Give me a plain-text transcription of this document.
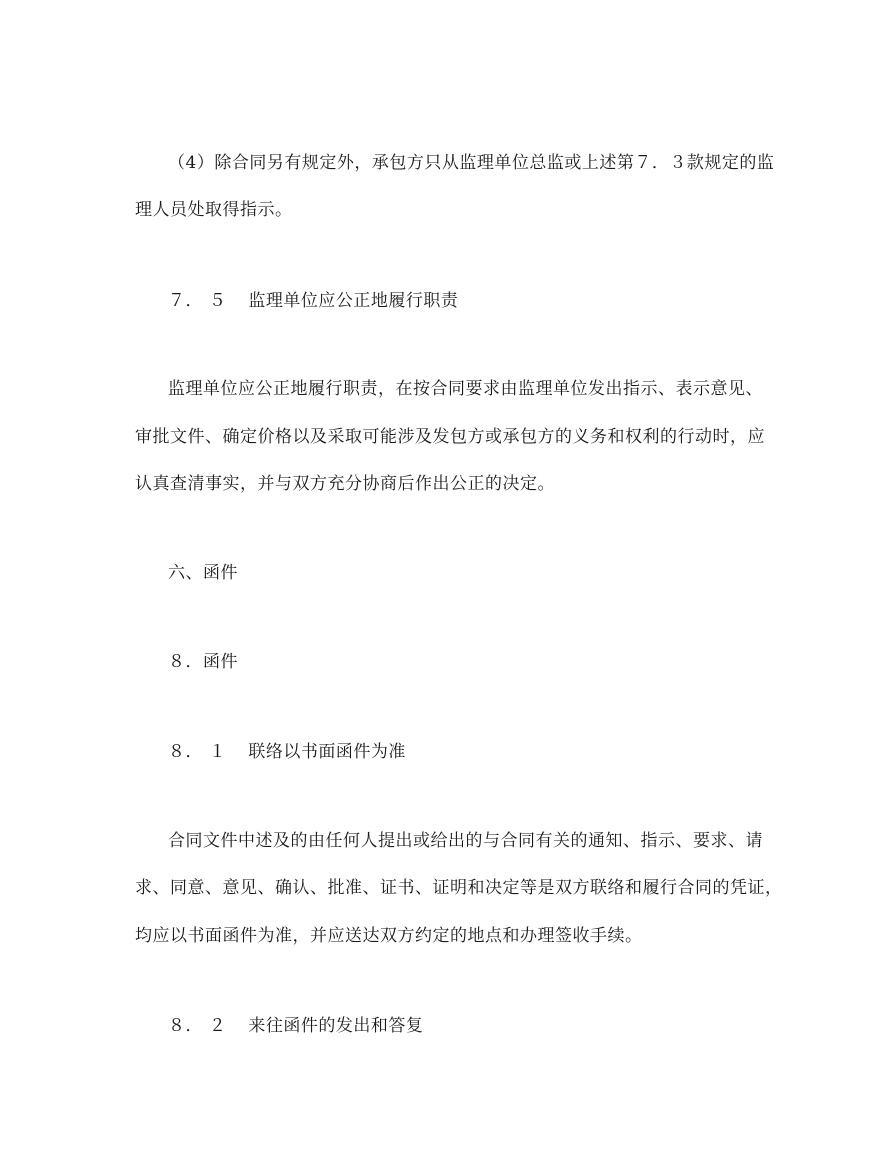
（4）除合同另有规定外，承包方只从监理单位总监或上述第７．３款规定的监
理人员处取得指示。
７． ５ 监理单位应公正地履行职责
监理单位应公正地履行职责，在按合同要求由监理单位发出指示、表示意见、
审批文件、确定价格以及采取可能涉及发包方或承包方的义务和权利的行动时，应
认真查清事实，并与双方充分协商后作出公正的决定。
六、函件
８．函件
８． １ 联络以书面函件为准
合同文件中述及的由任何人提出或给出的与合同有关的通知、指示、要求、请
求、同意、意见、确认、批准、证书、证明和决定等是双方联络和履行合同的凭证，
均应以书面函件为准，并应送达双方约定的地点和办理签收手续。
８． ２ 来往函件的发出和答复
